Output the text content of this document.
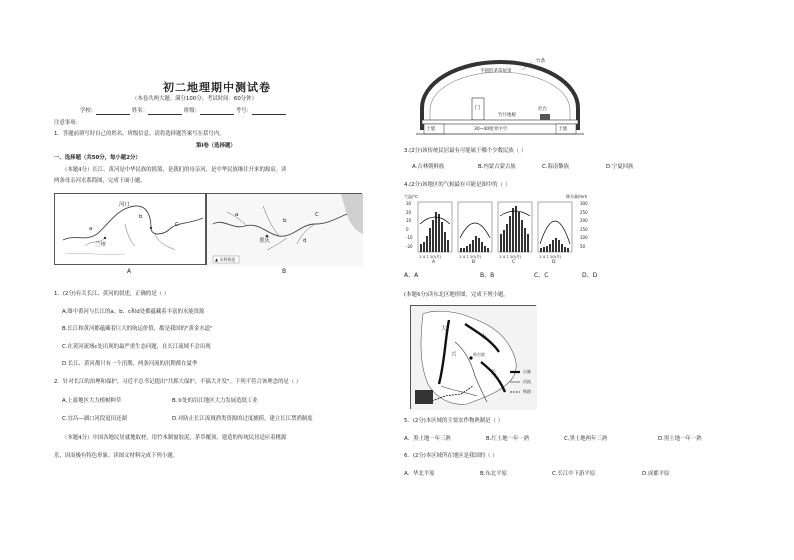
初二地理期中测试卷
（本卷共两大题；满分100分；考试时间：60分钟）
学校：	姓名：	班级：	考号：
注意事项：
1．答题前填写好自己的姓名、班级信息，请将选择题答案写在括号内。
第Ⅰ卷（选择题）
一、选择题（共50分，每小题2分）
（本题4分）长江、黄河是中华民族的摇篮，是我们的母亲河，是中华民族继往开来的源泉。读
两条母亲河水系简图，完成下面小题。
a
b
C
河口
兰州
A
a
b
C
d
重庆
▲ 水利枢纽
B
1．(2分)有关长江、黄河的叙述，正确的是（ ）
A.图中黄河与长江的a、b、c和d处都蕴藏着丰富的水能资源
B.长江和黄河都蕴藏着巨大的航运价值，都是我国的"黄金水道"
C.在黄河流域c处出现的最严重生态问题，在长江流域不会出现
D.长江、黄河都只有一个汛期，两条河流的汛期都在夏季
2．针对长江的治理和保护，习近平总书记提出"共抓大保护，不搞大开发"。下列不符合该理念的是（ ）
A.上游地区大力植树种草	B.①处的沿江地区大力发展造纸工业
C.宜昌—湖口河段退田还湖	D.对防止长江流域渔类资源的过度捕捞，建立长江禁渔制度
（本题4分）中国各地民居就地取材，用竹木制窗胶泥，茅草覆顶，建造的传统民居适应着桃源
乐，因而极有特色形象。读图文材料完成下列小题。
半圆形茅草屋顶
竹条
门
竹片地板
土墙	土墙
30~40厘米中空
灶台
3.(2分)该传统民居最有可能属于哪个少数民族（ ）
A.吉林朝鲜族	B.内蒙古蒙古族	C.海南黎族	D.宁夏回族
4.(2分)该地区的气候最有可能是图中的（ ）
气温/℃	降水量/mm
30
20
10
0
-10
-20
300
250
200
150
100
50
1 4 7 10(月)	1 4 7 10(月)	1 4 7 10(月)	1 4 7 10(月)
A	B	C	D
A、A	B、B	C、C	D、D
(本题4分)读东北区地形图，完成下列小题。
大
小
长
兴	哈尔滨
山脉
河流
铁路
5．(2分)本区域的主要农作物熟制是（ ）
A．黑土地一年三熟	B.红土地一年一熟	C.黑土地两年三熟	D.黑土地一年一熟
6．(2分)本区域所在地区是我国的（ ）
A．华北平原	B.东北平原	C.长江中下游平原	D.成都平原
